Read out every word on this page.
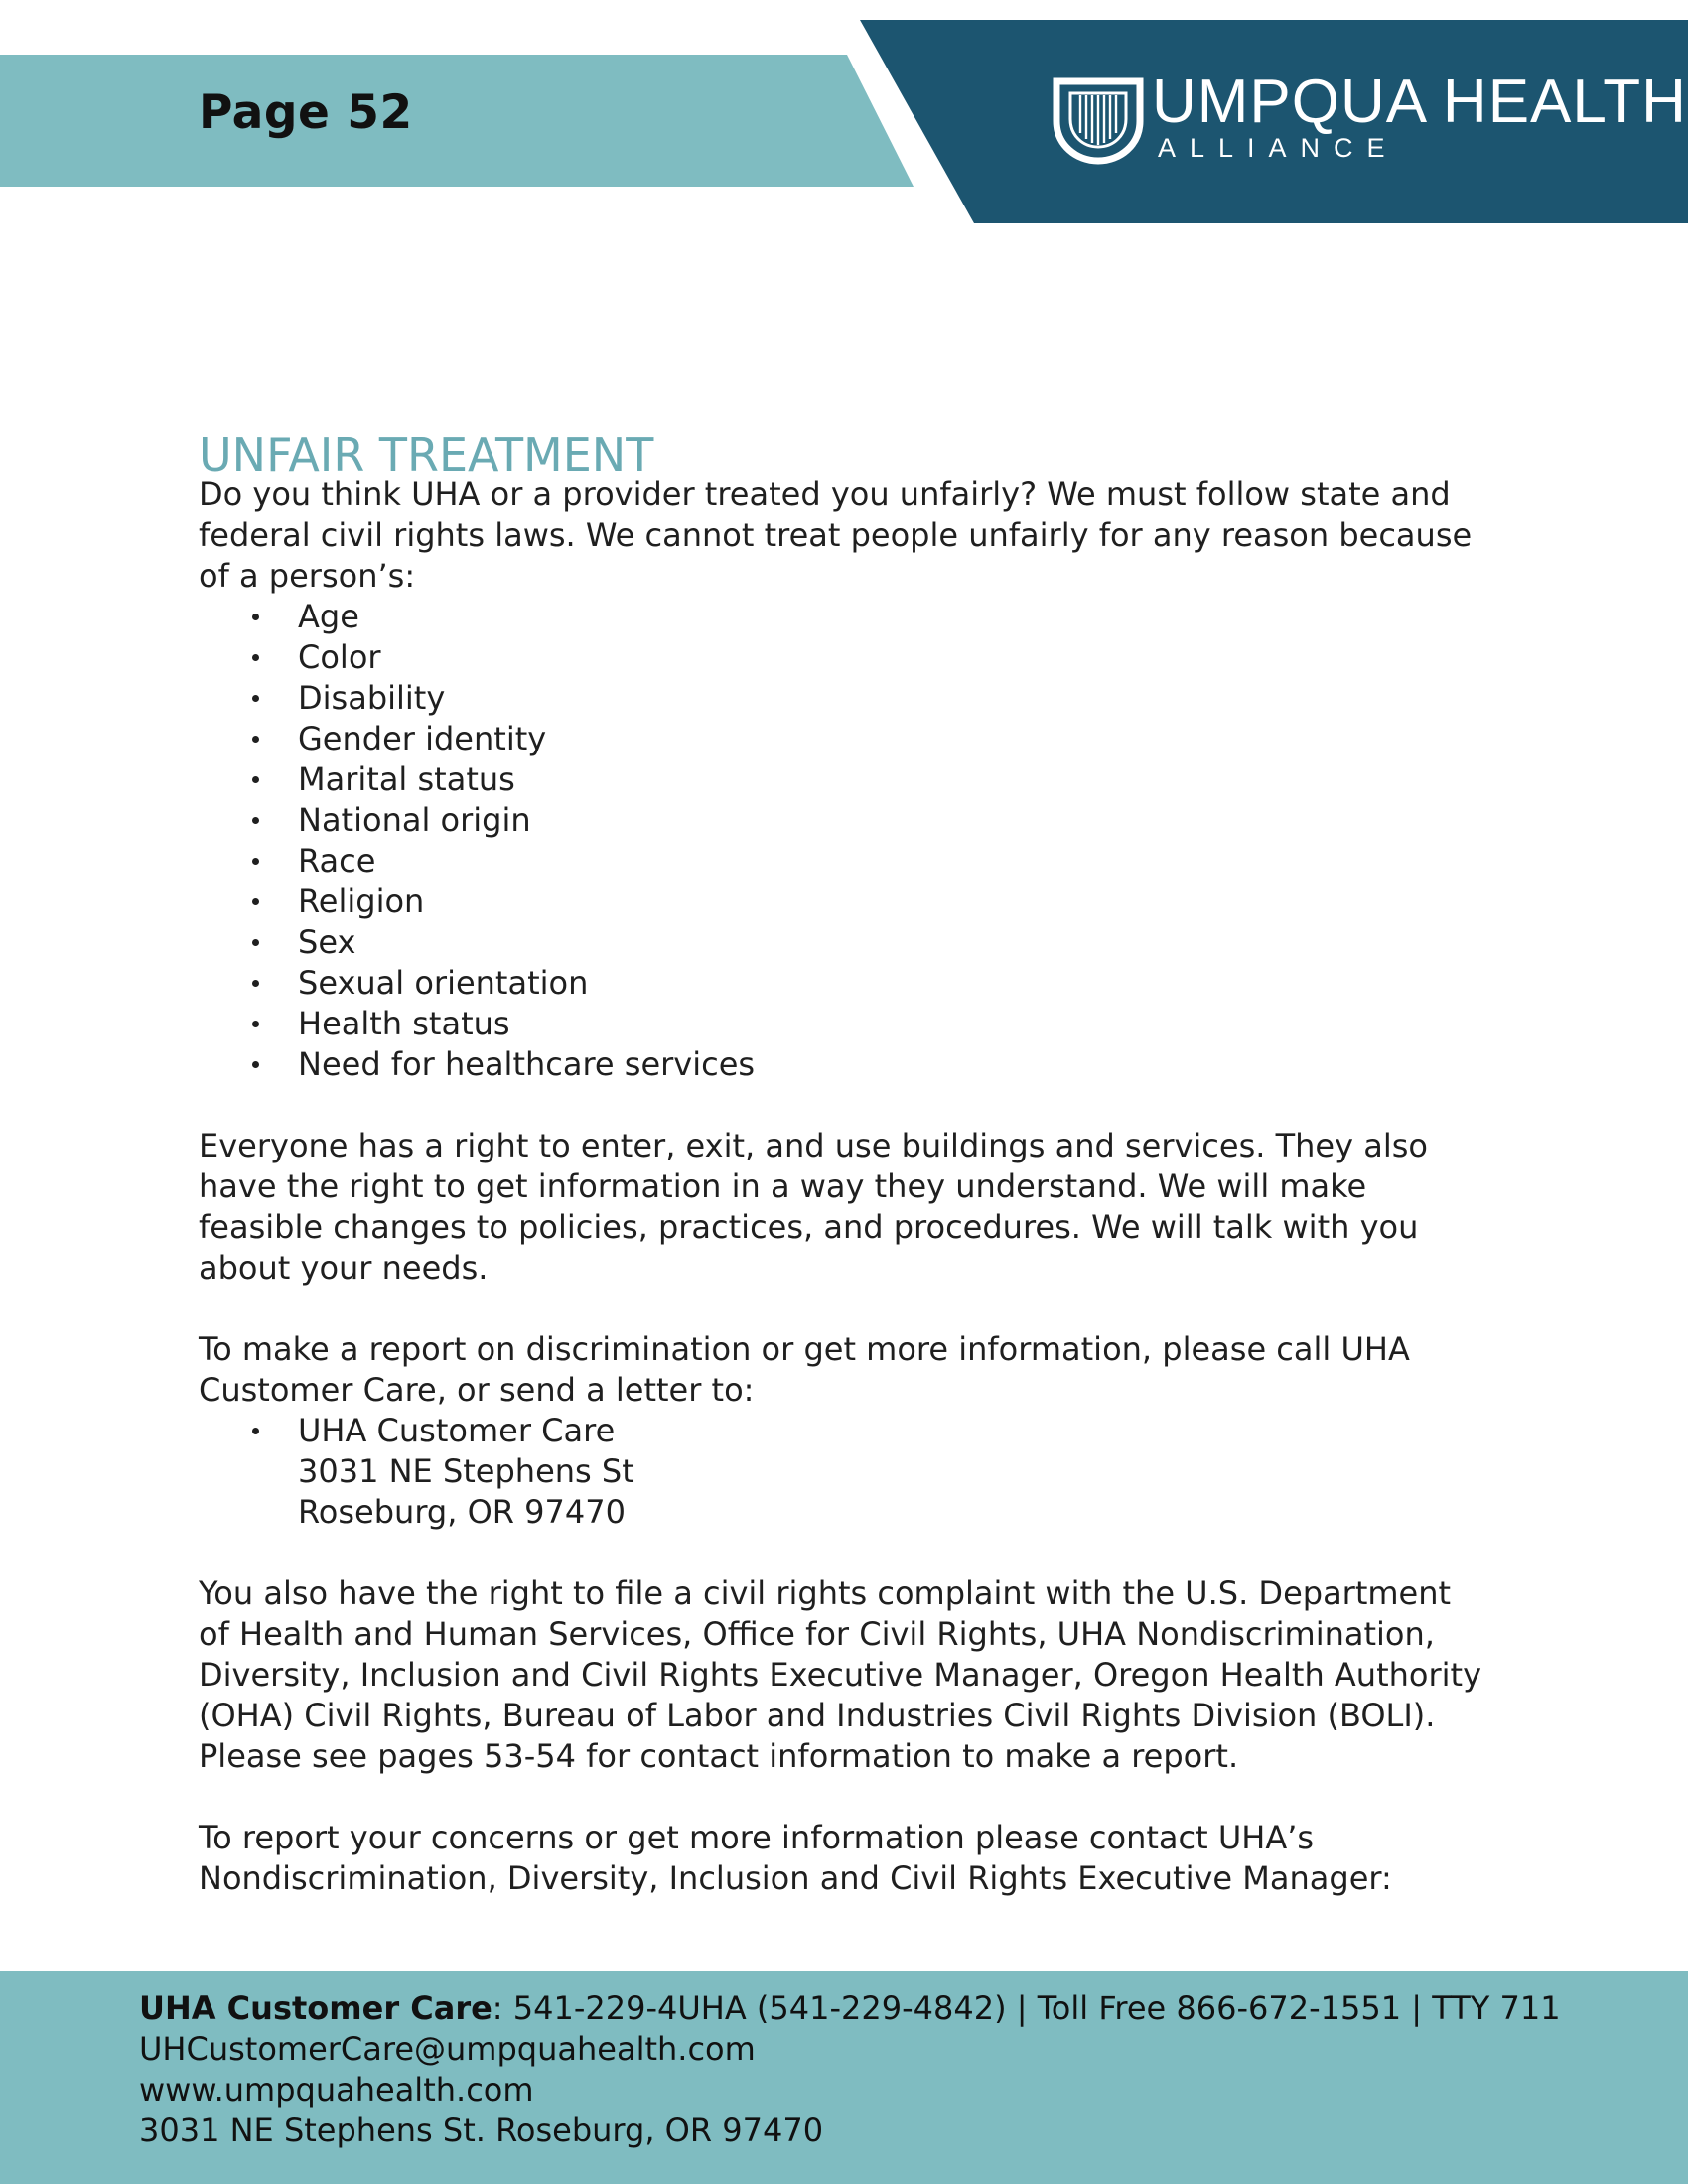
Page 52	UMPQUA HEALTH
ALLIANCE
UNFAIR TREATMENT

Do you think UHA or a provider treated you unfairly? We must follow state and federal civil rights laws. We cannot treat people unfairly for any reason because of a person’s:

Age
Color
Disability
Gender identity
Marital status
National origin
Race
Religion
Sex
Sexual orientation
Health status
Need for healthcare services

Everyone has a right to enter, exit, and use buildings and services. They also have the right to get information in a way they understand. We will make feasible changes to policies, practices, and procedures. We will talk with you about your needs.

To make a report on discrimination or get more information, please call UHA Customer Care, or send a letter to:

UHA Customer Care
3031 NE Stephens St
Roseburg, OR 97470

You also have the right to file a civil rights complaint with the U.S. Department of Health and Human Services, Office for Civil Rights, UHA Nondiscrimination, Diversity, Inclusion and Civil Rights Executive Manager, Oregon Health Authority (OHA) Civil Rights, Bureau of Labor and Industries Civil Rights Division (BOLI). Please see pages 53-54 for contact information to make a report.

To report your concerns or get more information please contact UHA’s Nondiscrimination, Diversity, Inclusion and Civil Rights Executive Manager:

UHA Customer Care: 541-229-4UHA (541-229-4842) | Toll Free 866-672-1551 | TTY 711
UHCustomerCare@umpquahealth.com
www.umpquahealth.com
3031 NE Stephens St. Roseburg, OR 97470
